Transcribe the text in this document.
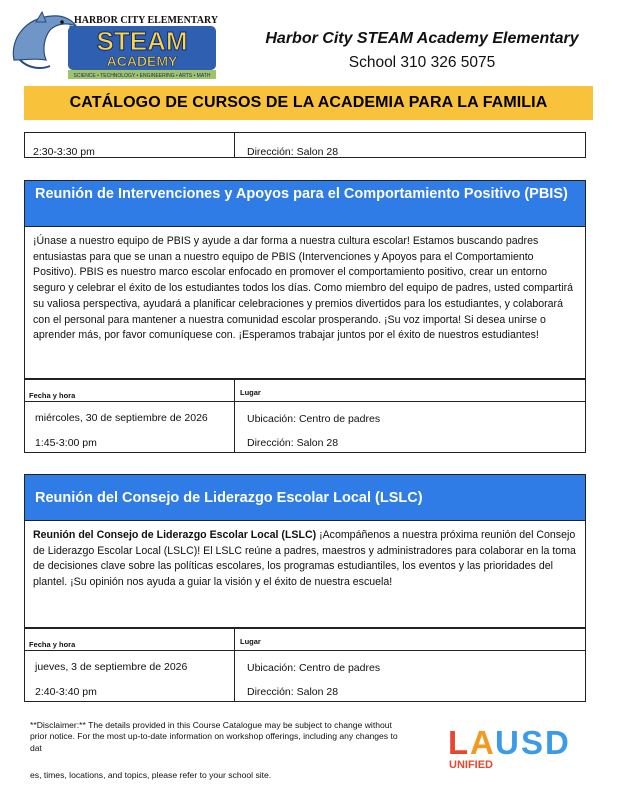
HARBOR CITY ELEMENTARY
STEAM
ACADEMY
SCIENCE • TECHNOLOGY • ENGINEERING • ARTS • MATH
Harbor City STEAM Academy Elementary
School 310 326 5075
CATÁLOGO DE CURSOS DE LA ACADEMIA PARA LA FAMILIA
2:30-3:30 pm	Dirección: Salon 28
Reunión de Intervenciones y Apoyos para el Comportamiento Positivo (PBIS)
¡Únase a nuestro equipo de PBIS y ayude a dar forma a nuestra cultura escolar! Estamos buscando padres entusiastas para que se unan a nuestro equipo de PBIS (Intervenciones y Apoyos para el Comportamiento Positivo). PBIS es nuestro marco escolar enfocado en promover el comportamiento positivo, crear un entorno seguro y celebrar el éxito de los estudiantes todos los días. Como miembro del equipo de padres, usted compartirá su valiosa perspectiva, ayudará a planificar celebraciones y premios divertidos para los estudiantes, y colaborará con el personal para mantener a nuestra comunidad escolar prosperando. ¡Su voz importa! Si desea unirse o aprender más, por favor comuníquese con. ¡Esperamos trabajar juntos por el éxito de nuestros estudiantes!
Fecha y hora
miércoles, 30 de septiembre de 2026
1:45-3:00 pm
Lugar
Ubicación: Centro de padres
Dirección: Salon 28
Reunión del Consejo de Liderazgo Escolar Local (LSLC)
Reunión del Consejo de Liderazgo Escolar Local (LSLC) ¡Acompáñenos a nuestra próxima reunión del Consejo de Liderazgo Escolar Local (LSLC)! El LSLC reúne a padres, maestros y administradores para colaborar en la toma de decisiones clave sobre las políticas escolares, los programas estudiantiles, los eventos y las prioridades del plantel. ¡Su opinión nos ayuda a guiar la visión y el éxito de nuestra escuela!
Fecha y hora
jueves, 3 de septiembre de 2026
2:40-3:40 pm
Lugar
Ubicación: Centro de padres
Dirección: Salon 28
**Disclaimer:** The details provided in this Course Catalogue may be subject to change without prior notice. For the most up-to-date information on workshop offerings, including any changes to dat
es, times, locations, and topics, please refer to your school site.
L A U S D
UNIFIED
